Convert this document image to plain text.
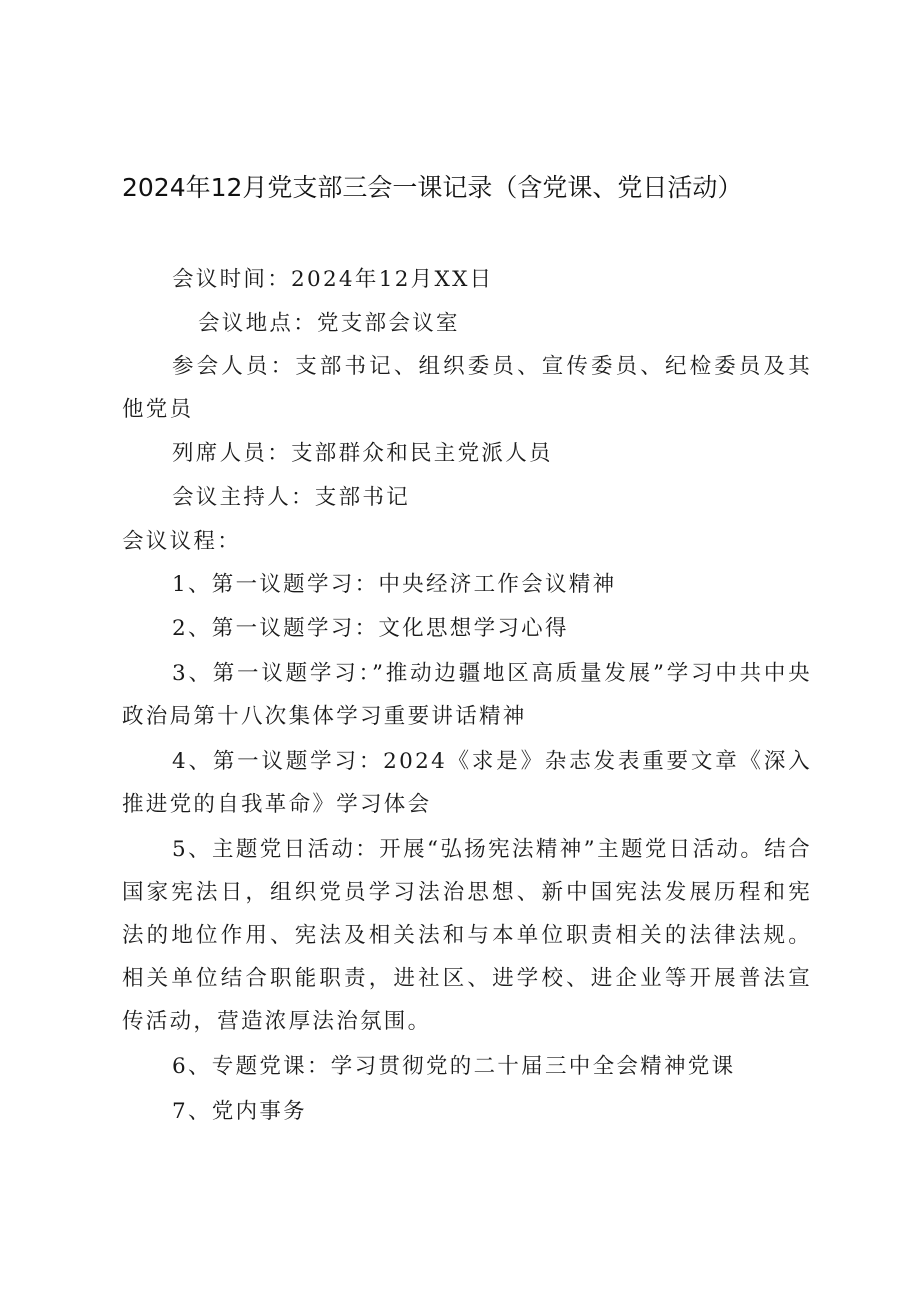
2024年12月党支部三会一课记录（含党课、党日活动）
会议时间：2024年12月XX日
会议地点：党支部会议室
参会人员：支部书记、组织委员、宣传委员、纪检委员及其他党员
列席人员：支部群众和民主党派人员
会议主持人：支部书记
会议议程：
1、第一议题学习：中央经济工作会议精神
2、第一议题学习：文化思想学习心得
3、第一议题学习：”推动边疆地区高质量发展”学习中共中央政治局第十八次集体学习重要讲话精神
4、第一议题学习：2024《求是》杂志发表重要文章《深入推进党的自我革命》学习体会
5、主题党日活动：开展“弘扬宪法精神”主题党日活动。结合国家宪法日，组织党员学习法治思想、新中国宪法发展历程和宪法的地位作用、宪法及相关法和与本单位职责相关的法律法规。相关单位结合职能职责，进社区、进学校、进企业等开展普法宣传活动，营造浓厚法治氛围。
6、专题党课：学习贯彻党的二十届三中全会精神党课
7、党内事务
